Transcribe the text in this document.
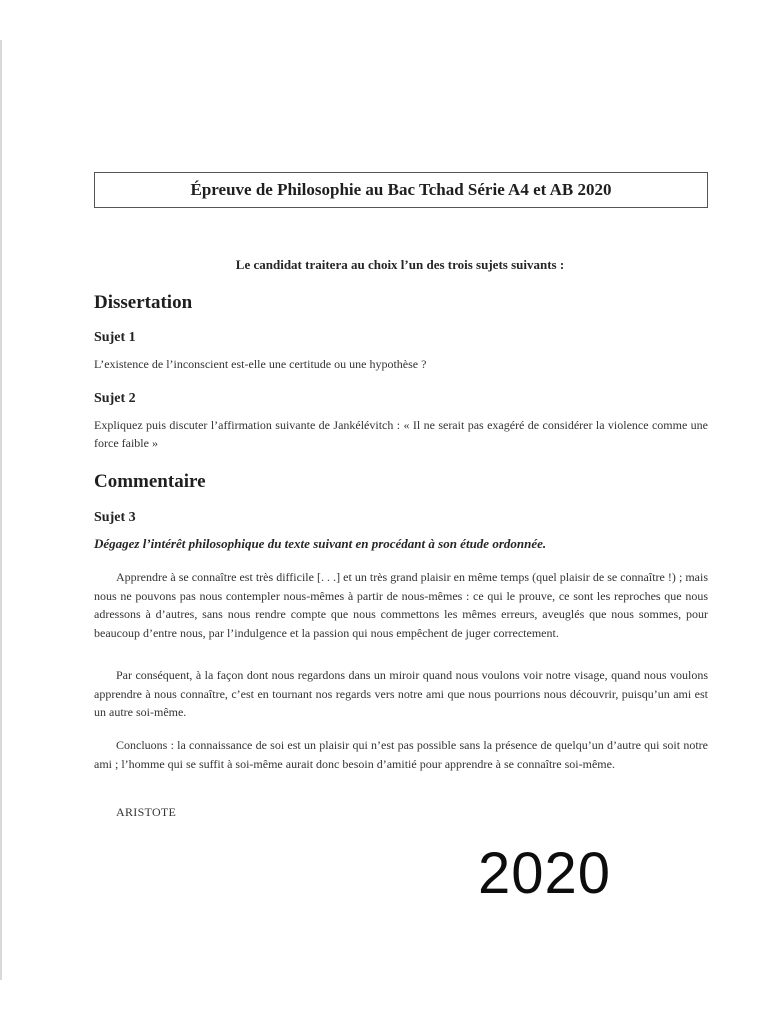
Épreuve de Philosophie au Bac Tchad Série A4 et AB 2020
Le candidat traitera au choix l’un des trois sujets suivants :
Dissertation
Sujet 1

L’existence de l’inconscient est-elle une certitude ou une hypothèse ?

Sujet 2

Expliquez puis discuter l’affirmation suivante de Jankélévitch : « Il ne serait pas exagéré de considérer la violence comme une force faible »

Commentaire
Sujet 3

Dégagez l’intérêt philosophique du texte suivant en procédant à son étude ordonnée.

Apprendre à se connaître est très difficile [. . .] et un très grand plaisir en même temps (quel plaisir de se connaître !) ; mais nous ne pouvons pas nous contempler nous-mêmes à partir de nous-mêmes : ce qui le prouve, ce sont les reproches que nous adressons à d’autres, sans nous rendre compte que nous commettons les mêmes erreurs, aveuglés que nous sommes, pour beaucoup d’entre nous, par l’indulgence et la passion qui nous empêchent de juger correctement.

Par conséquent, à la façon dont nous regardons dans un miroir quand nous voulons voir notre visage, quand nous voulons apprendre à nous connaître, c’est en tournant nos regards vers notre ami que nous pourrions nous découvrir, puisqu’un ami est un autre soi-même.

Concluons : la connaissance de soi est un plaisir qui n’est pas possible sans la présence de quelqu’un d’autre qui soit notre ami ; l’homme qui se suffit à soi-même aurait donc besoin d’amitié pour apprendre à se connaître soi-même.

ARISTOTE
2020
